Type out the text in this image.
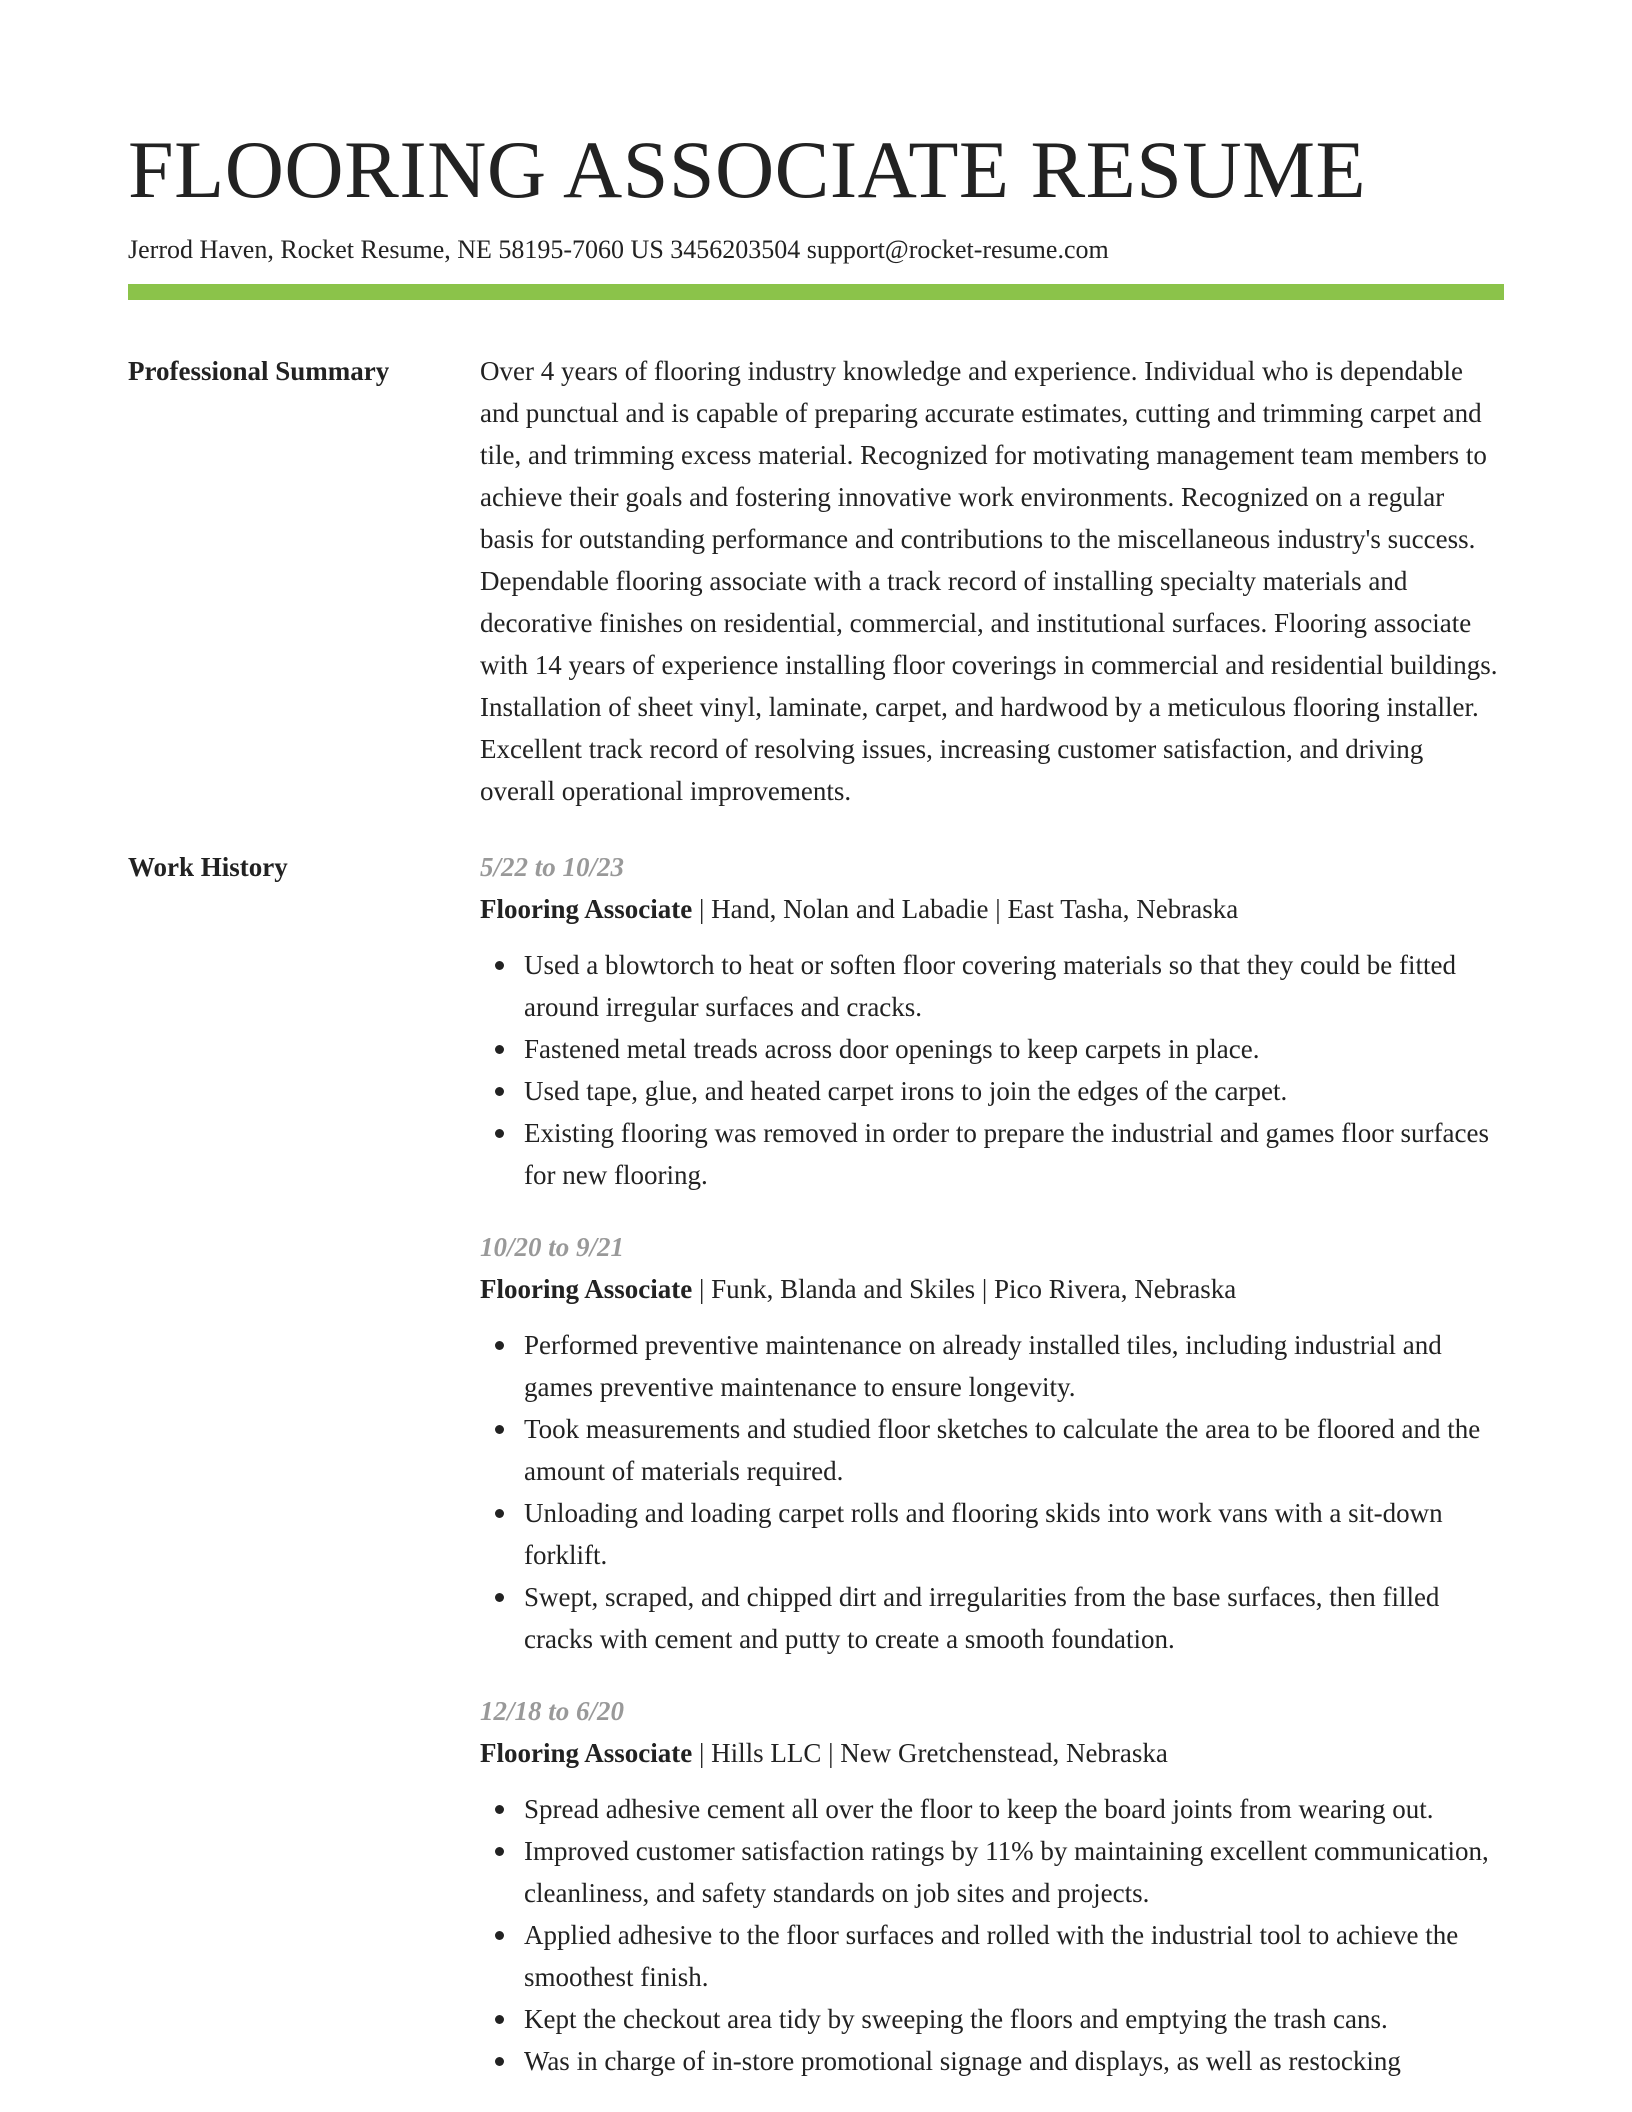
FLOORING ASSOCIATE RESUME
Jerrod Haven, Rocket Resume, NE 58195-7060 US 3456203504 support@rocket-resume.com
Professional Summary	Over 4 years of flooring industry knowledge and experience. Individual who is dependable and punctual and is capable of preparing accurate estimates, cutting and trimming carpet and tile, and trimming excess material. Recognized for motivating management team members to achieve their goals and fostering innovative work environments. Recognized on a regular basis for outstanding performance and contributions to the miscellaneous industry's success. Dependable flooring associate with a track record of installing specialty materials and decorative finishes on residential, commercial, and institutional surfaces. Flooring associate with 14 years of experience installing floor coverings in commercial and residential buildings. Installation of sheet vinyl, laminate, carpet, and hardwood by a meticulous flooring installer. Excellent track record of resolving issues, increasing customer satisfaction, and driving overall operational improvements.
Work History	5/22 to 10/23
Flooring Associate | Hand, Nolan and Labadie | East Tasha, Nebraska
Used a blowtorch to heat or soften floor covering materials so that they could be fitted around irregular surfaces and cracks.
Fastened metal treads across door openings to keep carpets in place.
Used tape, glue, and heated carpet irons to join the edges of the carpet.
Existing flooring was removed in order to prepare the industrial and games floor surfaces for new flooring.
10/20 to 9/21
Flooring Associate | Funk, Blanda and Skiles | Pico Rivera, Nebraska
Performed preventive maintenance on already installed tiles, including industrial and games preventive maintenance to ensure longevity.
Took measurements and studied floor sketches to calculate the area to be floored and the amount of materials required.
Unloading and loading carpet rolls and flooring skids into work vans with a sit-down forklift.
Swept, scraped, and chipped dirt and irregularities from the base surfaces, then filled cracks with cement and putty to create a smooth foundation.
12/18 to 6/20
Flooring Associate | Hills LLC | New Gretchenstead, Nebraska
Spread adhesive cement all over the floor to keep the board joints from wearing out.
Improved customer satisfaction ratings by 11% by maintaining excellent communication, cleanliness, and safety standards on job sites and projects.
Applied adhesive to the floor surfaces and rolled with the industrial tool to achieve the smoothest finish.
Kept the checkout area tidy by sweeping the floors and emptying the trash cans.
Was in charge of in-store promotional signage and displays, as well as restocking
